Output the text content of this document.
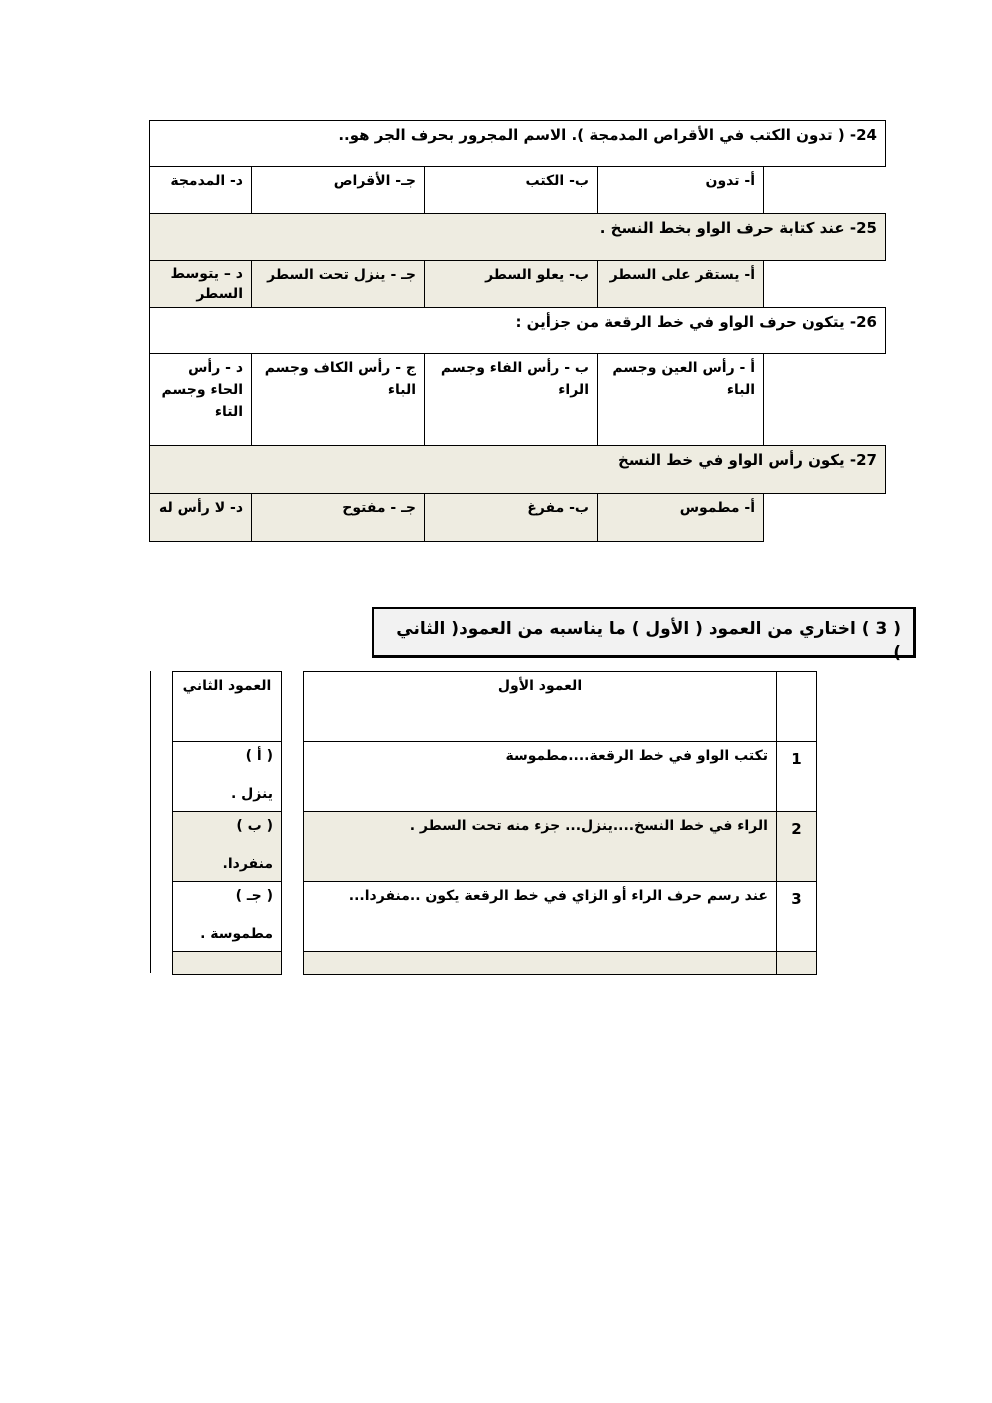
24- ( تدون الكتب في الأقراص المدمجة ). الاسم المجرور بحرف الجر هو..
أ- تدون
ب- الكتب
جـ- الأقراص
د- المدمجة
25- عند كتابة حرف الواو بخط النسخ .
أ- يستقر على السطر
ب- يعلو السطر
جـ - ينزل تحت السطر
د – يتوسط السطر
26- يتكون حرف الواو في خط الرقعة من جزأين :
أ - رأس العين وجسم الباء
ب - رأس الفاء وجسم الراء
ج - رأس الكاف وجسم الباء
د - رأس الحاء وجسم التاء
27- يكون رأس الواو في خط النسخ
أ- مطموس
ب- مفرغ
جـ - مفتوح
د- لا رأس له
( 3 ) اختاري من العمود ( الأول ) ما يناسبه من العمود( الثاني )
العمود الثاني
( أ )
ينزل .
( ب )
منفردا.
( جـ )
مطموسة .
العمود الأول
تكتب الواو في خط الرقعة....مطموسة
الراء في خط النسخ....ينزل... جزء منه تحت السطر .
عند رسم حرف الراء أو الزاي في خط الرقعة يكون ..منفردا...
1
2
3
